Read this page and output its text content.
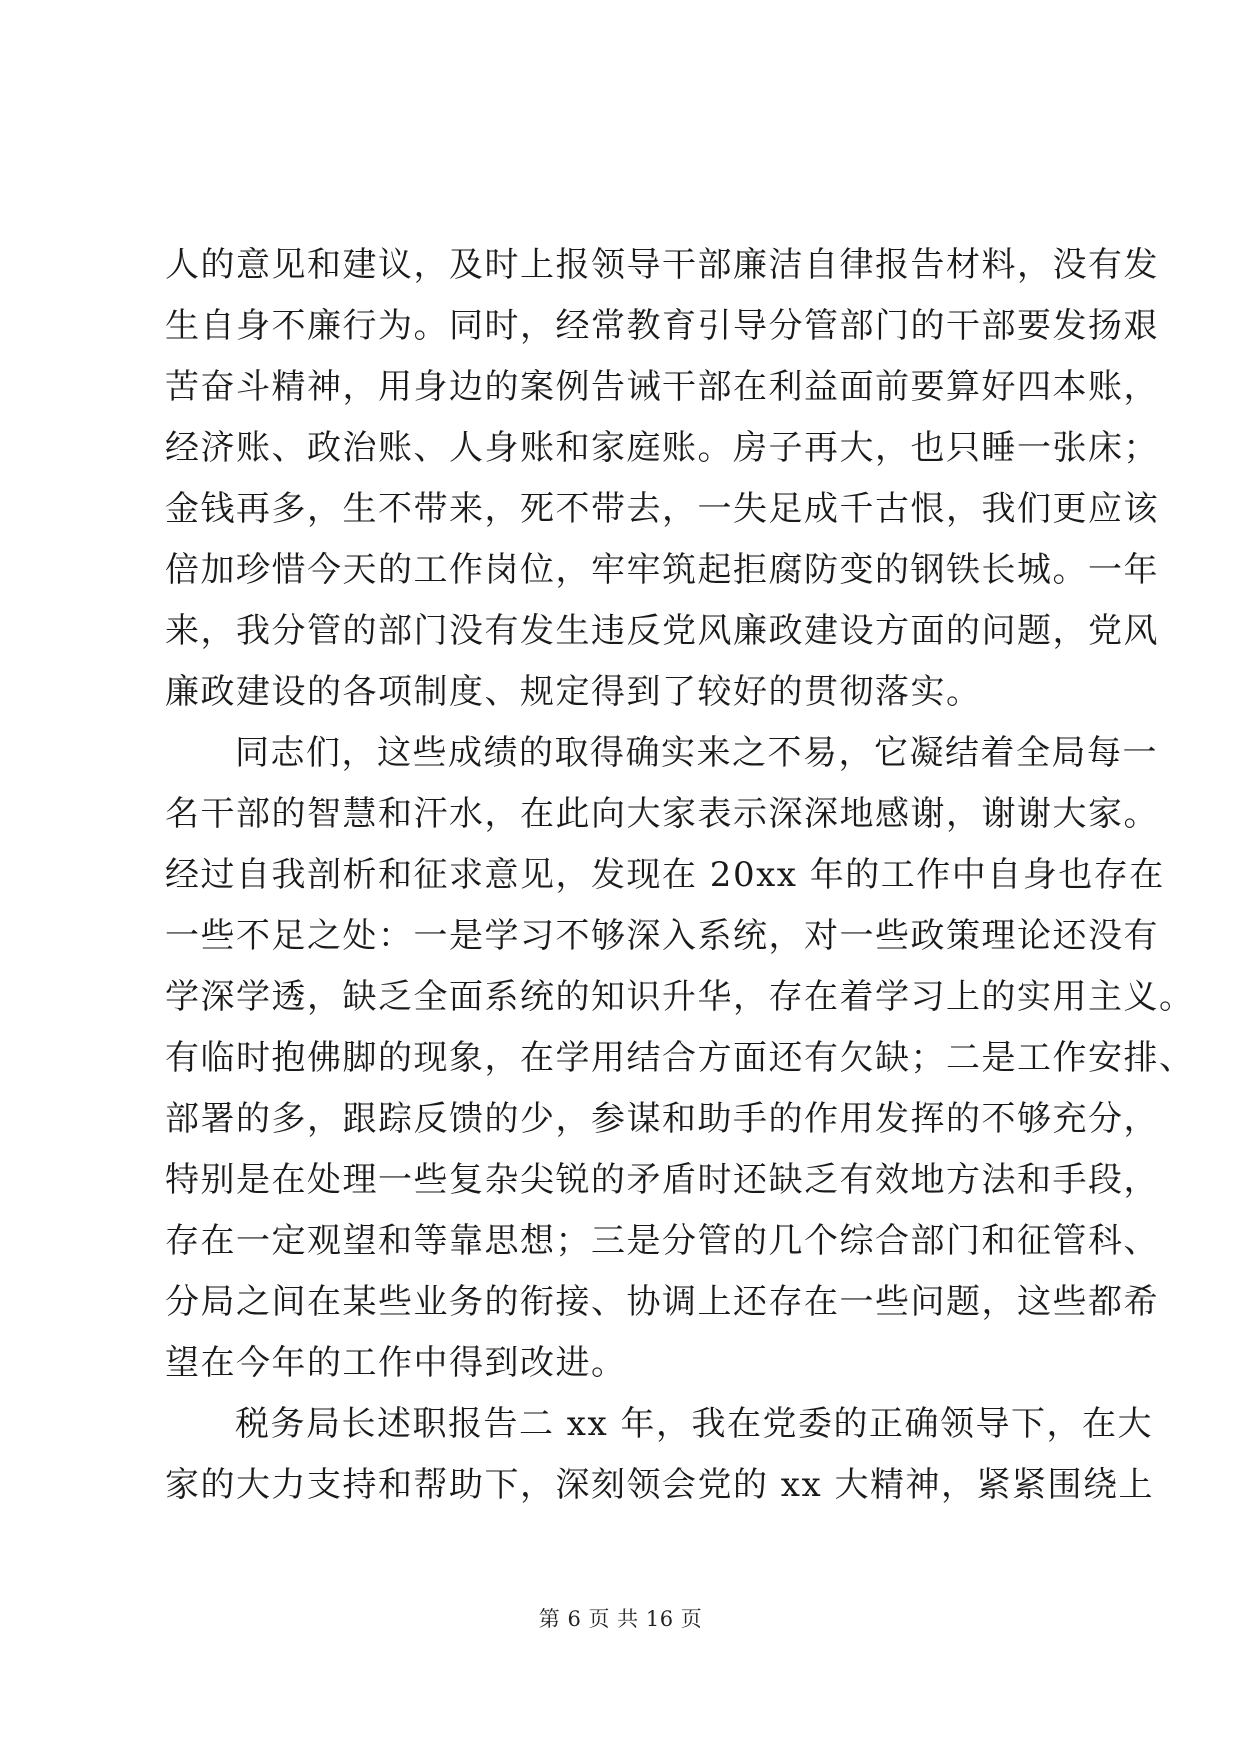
人的意见和建议，及时上报领导干部廉洁自律报告材料，没有发
生自身不廉行为。同时，经常教育引导分管部门的干部要发扬艰
苦奋斗精神，用身边的案例告诫干部在利益面前要算好四本账，
经济账、政治账、人身账和家庭账。房子再大，也只睡一张床；
金钱再多，生不带来，死不带去，一失足成千古恨，我们更应该
倍加珍惜今天的工作岗位，牢牢筑起拒腐防变的钢铁长城。一年
来，我分管的部门没有发生违反党风廉政建设方面的问题，党风
廉政建设的各项制度、规定得到了较好的贯彻落实。
同志们，这些成绩的取得确实来之不易，它凝结着全局每一
名干部的智慧和汗水，在此向大家表示深深地感谢，谢谢大家。
经过自我剖析和征求意见，发现在 20xx 年的工作中自身也存在
一些不足之处：一是学习不够深入系统，对一些政策理论还没有
学深学透，缺乏全面系统的知识升华，存在着学习上的实用主义。
有临时抱佛脚的现象，在学用结合方面还有欠缺；二是工作安排、
部署的多，跟踪反馈的少，参谋和助手的作用发挥的不够充分，
特别是在处理一些复杂尖锐的矛盾时还缺乏有效地方法和手段，
存在一定观望和等靠思想；三是分管的几个综合部门和征管科、
分局之间在某些业务的衔接、协调上还存在一些问题，这些都希
望在今年的工作中得到改进。
税务局长述职报告二 xx 年，我在党委的正确领导下，在大
家的大力支持和帮助下，深刻领会党的 xx 大精神，紧紧围绕上
第 6 页 共 16 页
